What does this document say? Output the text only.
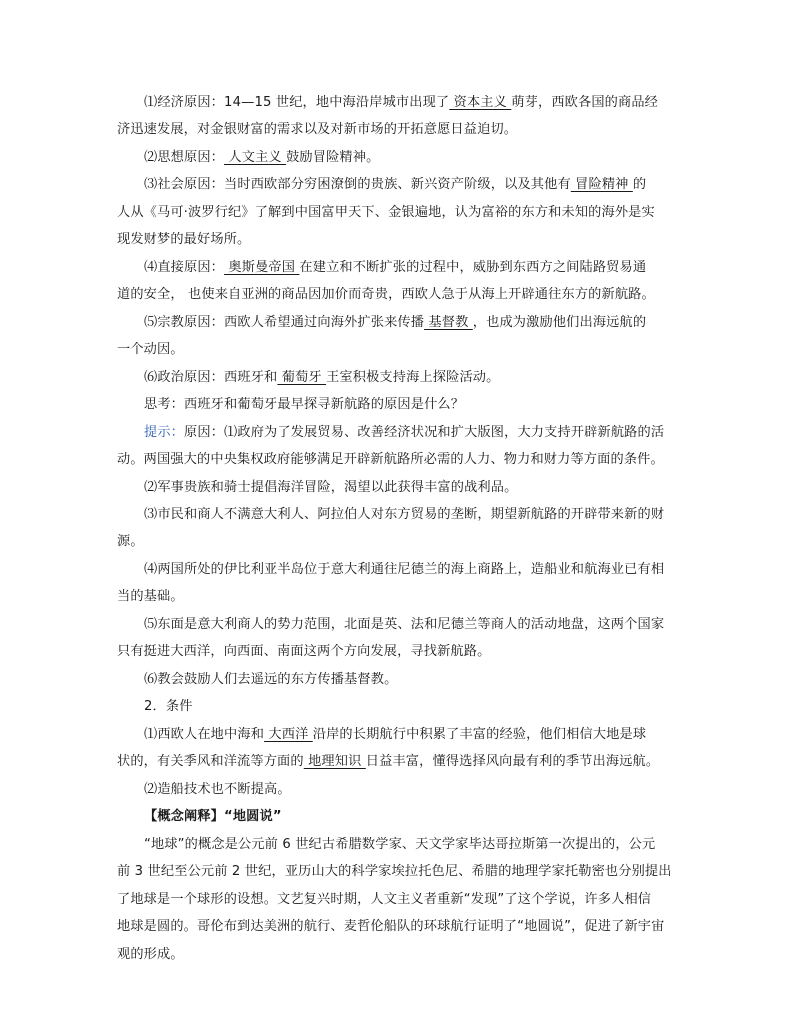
⑴经济原因：14—15 世纪，地中海沿岸城市出现了 资本主义 萌芽，西欧各国的商品经
济迅速发展，对金银财富的需求以及对新市场的开拓意愿日益迫切。
⑵思想原因： 人文主义 鼓励冒险精神。
⑶社会原因：当时西欧部分穷困潦倒的贵族、新兴资产阶级，以及其他有 冒险精神 的
人从《马可·波罗行纪》了解到中国富甲天下、金银遍地，认为富裕的东方和未知的海外是实
现发财梦的最好场所。
⑷直接原因： 奥斯曼帝国 在建立和不断扩张的过程中，威胁到东西方之间陆路贸易通
道的安全， 也使来自亚洲的商品因加价而奇贵，西欧人急于从海上开辟通往东方的新航路。
⑸宗教原因：西欧人希望通过向海外扩张来传播 基督教 ，也成为激励他们出海远航的
一个动因。
⑹政治原因：西班牙和 葡萄牙 王室积极支持海上探险活动。
思考：西班牙和葡萄牙最早探寻新航路的原因是什么？
提示：原因：⑴政府为了发展贸易、改善经济状况和扩大版图，大力支持开辟新航路的活
动。两国强大的中央集权政府能够满足开辟新航路所必需的人力、物力和财力等方面的条件。
⑵军事贵族和骑士提倡海洋冒险，渴望以此获得丰富的战利品。
⑶市民和商人不满意大利人、阿拉伯人对东方贸易的垄断，期望新航路的开辟带来新的财
源。
⑷两国所处的伊比利亚半岛位于意大利通往尼德兰的海上商路上，造船业和航海业已有相
当的基础。
⑸东面是意大利商人的势力范围，北面是英、法和尼德兰等商人的活动地盘，这两个国家
只有挺进大西洋，向西面、南面这两个方向发展，寻找新航路。
⑹教会鼓励人们去遥远的东方传播基督教。
2．条件
⑴西欧人在地中海和 大西洋 沿岸的长期航行中积累了丰富的经验，他们相信大地是球
状的，有关季风和洋流等方面的 地理知识 日益丰富，懂得选择风向最有利的季节出海远航。
⑵造船技术也不断提高。
【概念阐释】“地圆说”
“地球”的概念是公元前 6 世纪古希腊数学家、天文学家毕达哥拉斯第一次提出的，公元
前 3 世纪至公元前 2 世纪，亚历山大的科学家埃拉托色尼、希腊的地理学家托勒密也分别提出
了地球是一个球形的设想。文艺复兴时期，人文主义者重新“发现”了这个学说，许多人相信
地球是圆的。哥伦布到达美洲的航行、麦哲伦船队的环球航行证明了“地圆说”，促进了新宇宙
观的形成。
